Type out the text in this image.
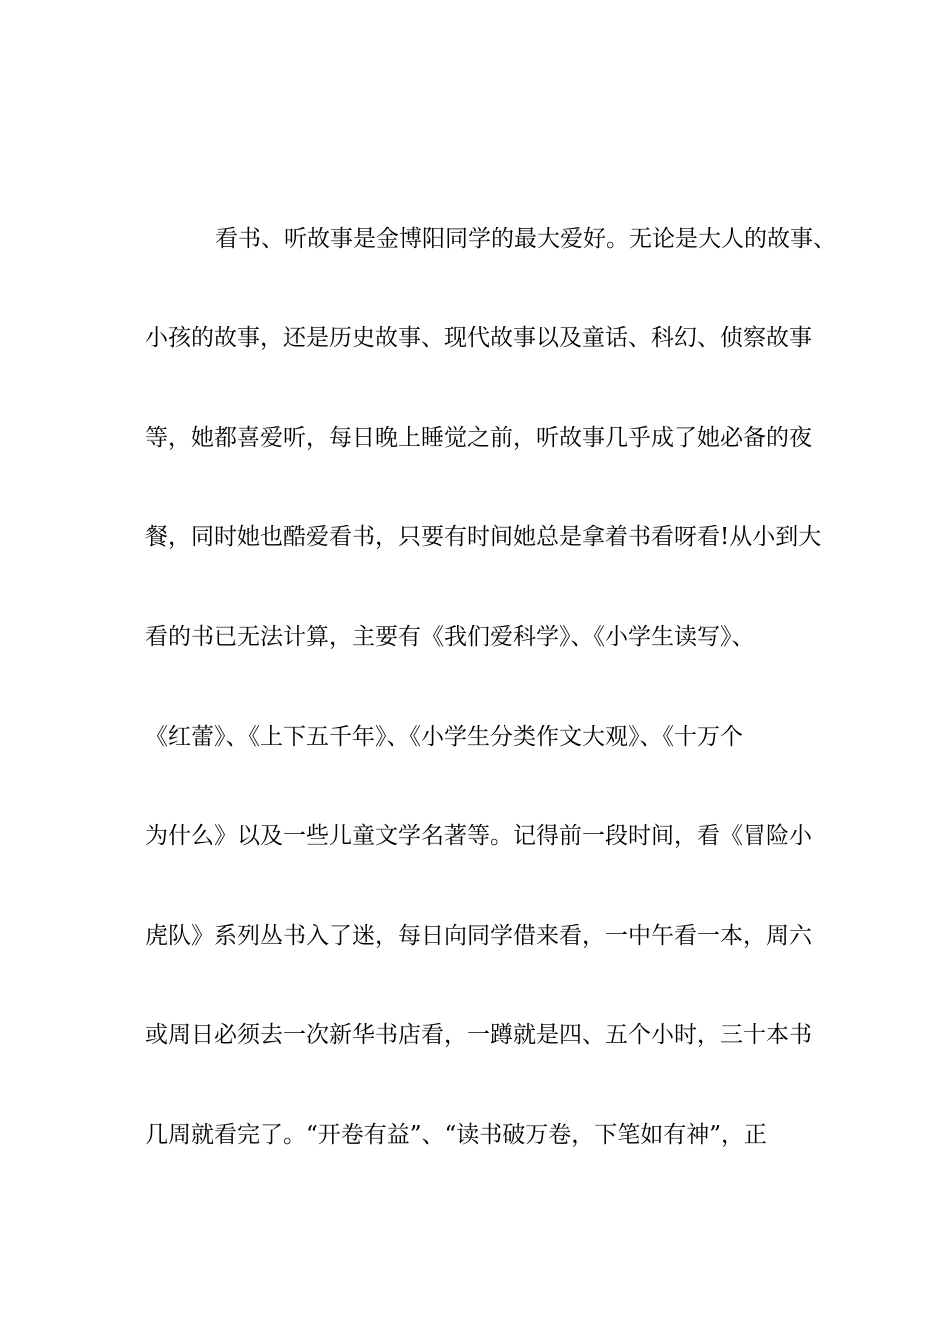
看书、听故事是金博阳同学的最大爱好。无论是大人的故事、
小孩的故事，还是历史故事、现代故事以及童话、科幻、侦察故事
等，她都喜爱听，每日晚上睡觉之前，听故事几乎成了她必备的夜
餐，同时她也酷爱看书，只要有时间她总是拿着书看呀看!从小到大
看的书已无法计算，主要有《我们爱科学》、《小学生读写》、
《红蕾》、《上下五千年》、《小学生分类作文大观》、《十万个
为什么》以及一些儿童文学名著等。记得前一段时间，看《冒险小
虎队》系列丛书入了迷，每日向同学借来看，一中午看一本，周六
或周日必须去一次新华书店看，一蹲就是四、五个小时，三十本书
几周就看完了。“开卷有益”、“读书破万卷，下笔如有神”，正
